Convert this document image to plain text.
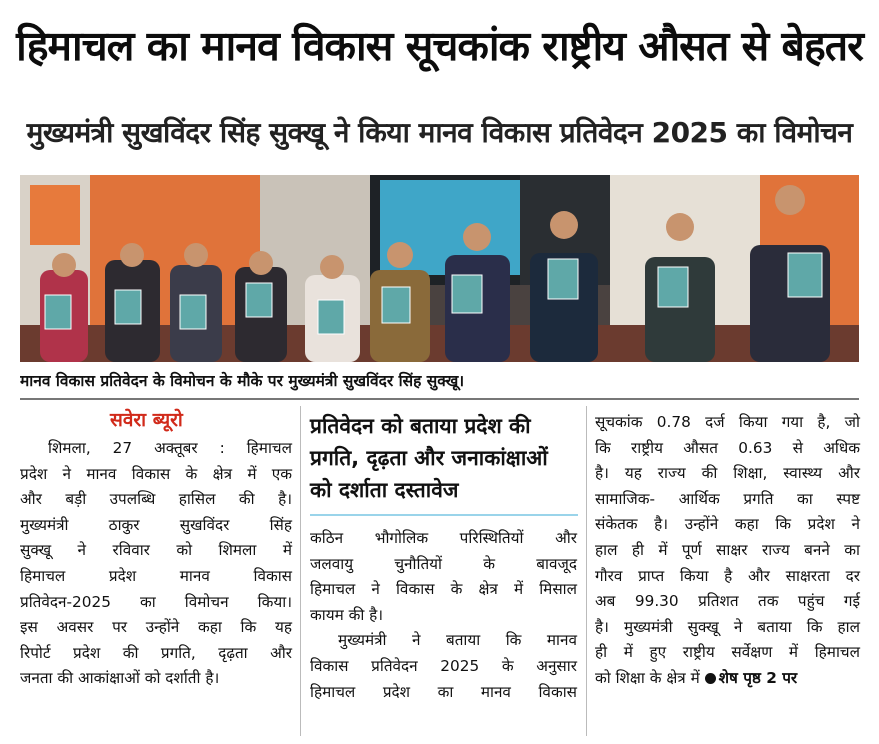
हिमाचल का मानव विकास सूचकांक राष्ट्रीय औसत से बेहतर
मुख्यमंत्री सुखविंदर सिंह सुक्खू ने किया मानव विकास प्रतिवेदन 2025 का विमोचन
मानव विकास प्रतिवेदन के विमोचन के मौके पर मुख्यमंत्री सुखविंदर सिंह सुक्खू।
सवेरा ब्यूरो

शिमला, 27 अक्तूबर : हिमाचल

प्रदेश ने मानव विकास के क्षेत्र में एक

और बड़ी उपलब्धि हासिल की है।

मुख्यमंत्री ठाकुर सुखविंदर सिंह

सुक्खू ने रविवार को शिमला में

हिमाचल प्रदेश मानव विकास

प्रतिवेदन-2025 का विमोचन किया।

इस अवसर पर उन्होंने कहा कि यह

रिपोर्ट प्रदेश की प्रगति, दृढ़ता और

जनता की आकांक्षाओं को दर्शाती है।

प्रतिवेदन को बताया प्रदेश की
प्रगति, दृढ़ता और जनाकांक्षाओं
को दर्शाता दस्तावेज

कठिन भौगोलिक परिस्थितियों और

जलवायु चुनौतियों के बावजूद

हिमाचल ने विकास के क्षेत्र में मिसाल

कायम की है।

मुख्यमंत्री ने बताया कि मानव

विकास प्रतिवेदन 2025 के अनुसार

हिमाचल प्रदेश का मानव विकास

सूचकांक 0.78 दर्ज किया गया है, जो

कि राष्ट्रीय औसत 0.63 से अधिक

है। यह राज्य की शिक्षा, स्वास्थ्य और

सामाजिक- आर्थिक प्रगति का स्पष्ट

संकेतक है। उन्होंने कहा कि प्रदेश ने

हाल ही में पूर्ण साक्षर राज्य बनने का

गौरव प्राप्त किया है और साक्षरता दर

अब 99.30 प्रतिशत तक पहुंच गई

है। मुख्यमंत्री सुक्खू ने बताया कि हाल

ही में हुए राष्ट्रीय सर्वेक्षण में हिमाचल

को शिक्षा के क्षेत्र में शेष पृष्ठ 2 पर
